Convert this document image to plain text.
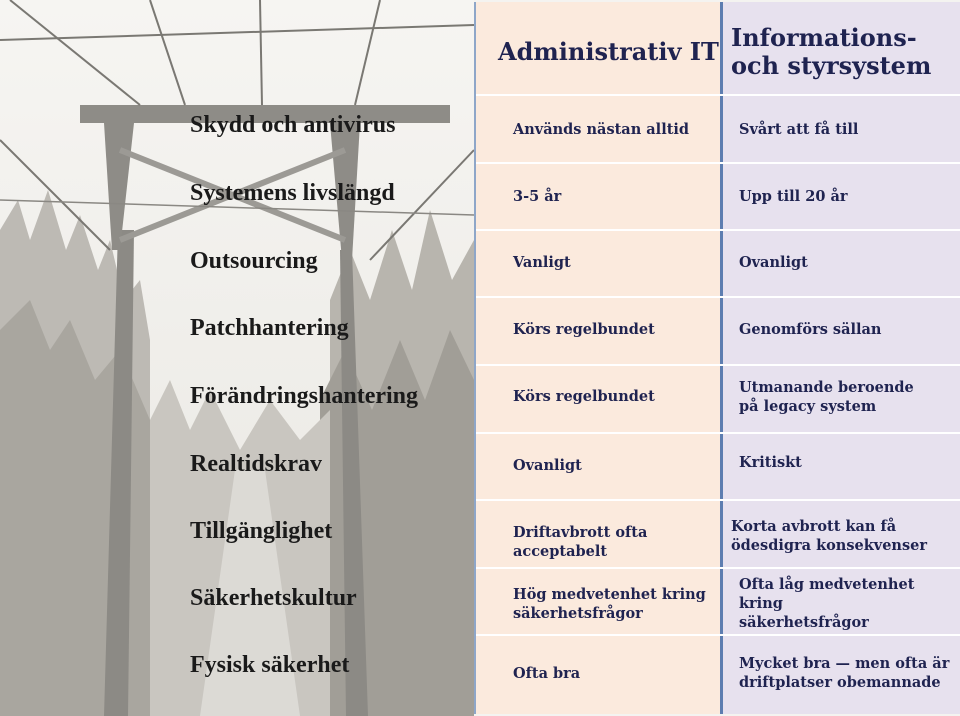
Skydd och antivirus
Systemens livslängd
Outsourcing
Patchhantering
Förändringshantering
Realtidskrav
Tillgänglighet
Säkerhetskultur
Fysisk säkerhet
Administrativ IT Informations-
och styrsystem
Används nästan alltid
3-5 år
Vanligt
Körs regelbundet
Körs regelbundet
Ovanligt
Driftavbrott ofta
acceptabelt
Hög medvetenhet kring
säkerhetsfrågor
Ofta bra
Svårt att få till
Upp till 20 år
Ovanligt
Genomförs sällan
Utmanande beroende
på legacy system
Kritiskt
Korta avbrott kan få
ödesdigra konsekvenser
Ofta låg medvetenhet
kring
säkerhetsfrågor
Mycket bra — men ofta är
driftplatser obemannade
